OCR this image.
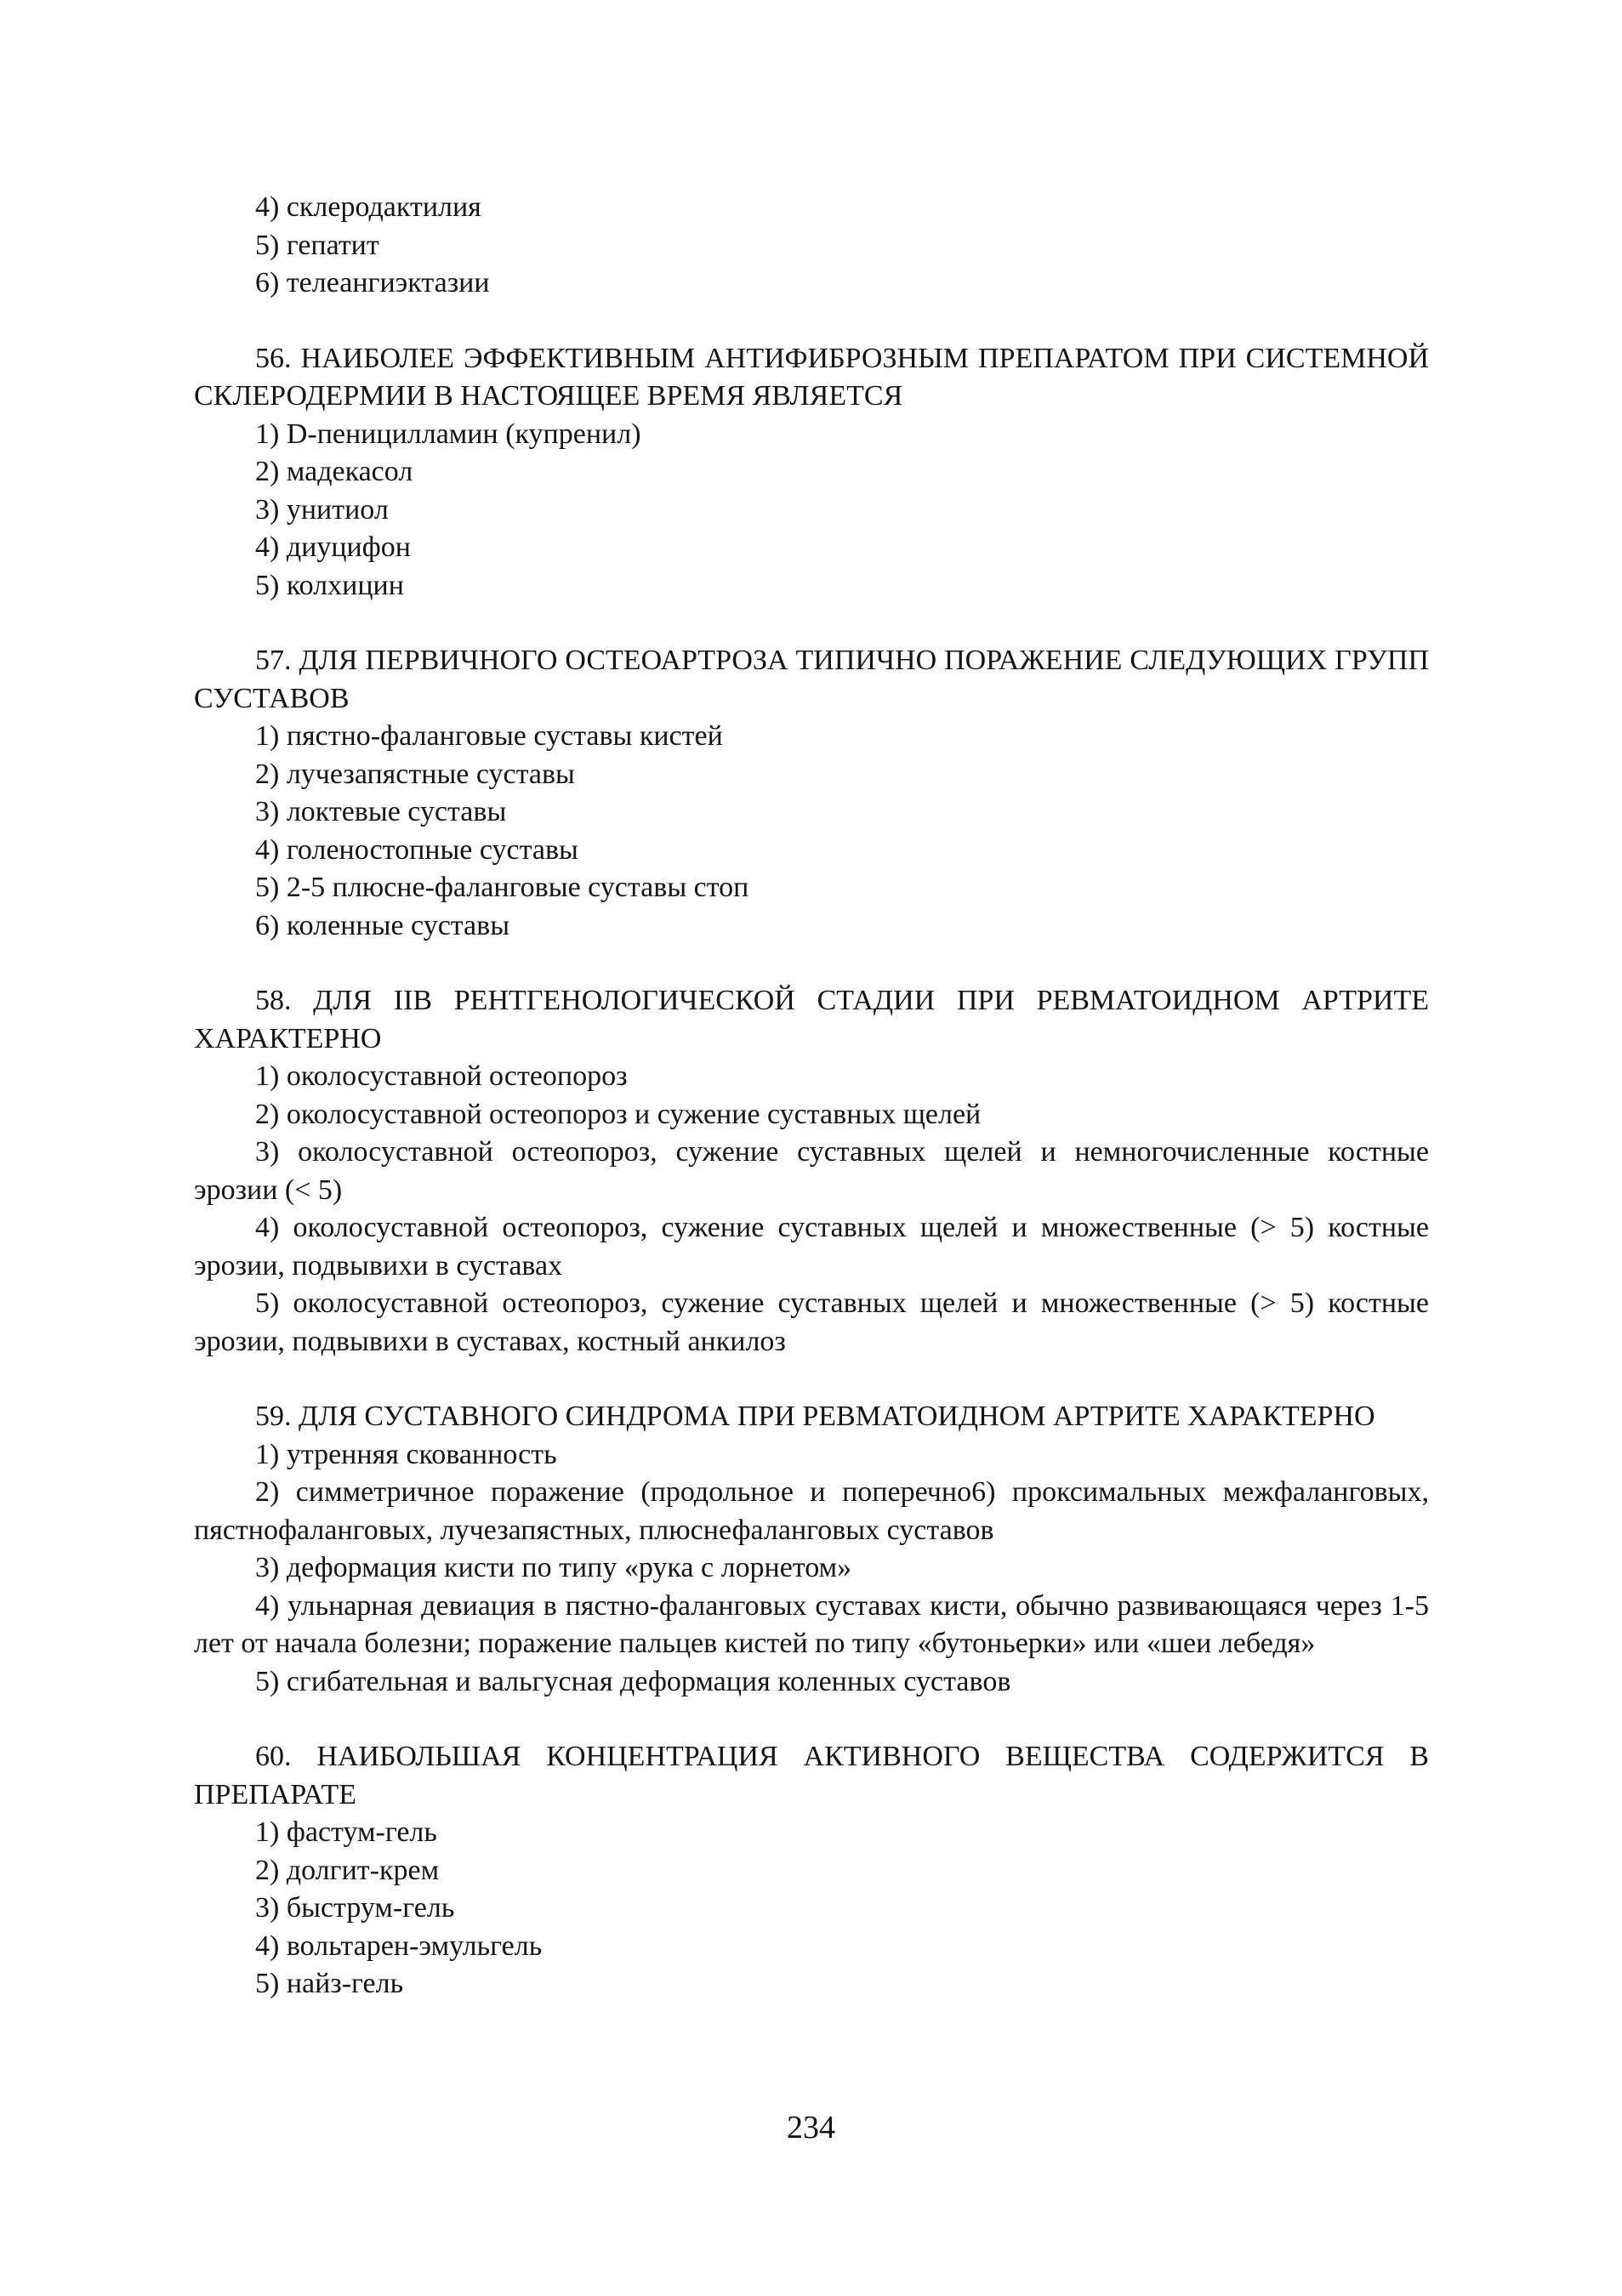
4) склеродактилия
5) гепатит
6) телеангиэктазии
56. НАИБОЛЕЕ ЭФФЕКТИВНЫМ АНТИФИБРОЗНЫМ ПРЕПАРАТОМ ПРИ СИСТЕМНОЙ СКЛЕРОДЕРМИИ В НАСТОЯЩЕЕ ВРЕМЯ ЯВЛЯЕТСЯ
1) D-пеницилламин (купренил)
2) мадекасол
3) унитиол
4) диуцифон
5) колхицин
57. ДЛЯ ПЕРВИЧНОГО ОСТЕОАРТРОЗА ТИПИЧНО ПОРАЖЕНИЕ СЛЕДУЮЩИХ ГРУПП СУСТАВОВ
1) пястно-фаланговые суставы кистей
2) лучезапястные суставы
3) локтевые суставы
4) голеностопные суставы
5) 2-5 плюсне-фаланговые суставы стоп
6) коленные суставы
58. ДЛЯ IIB РЕНТГЕНОЛОГИЧЕСКОЙ СТАДИИ ПРИ РЕВМАТОИДНОМ АРТРИТЕ ХАРАКТЕРНО
1) околосуставной остеопороз
2) околосуставной остеопороз и сужение суставных щелей
3) околосуставной остеопороз, сужение суставных щелей и немногочисленные костные эрозии (< 5)
4) околосуставной остеопороз, сужение суставных щелей и множественные (> 5) костные эрозии, подвывихи в суставах
5) околосуставной остеопороз, сужение суставных щелей и множественные (> 5) костные эрозии, подвывихи в суставах, костный анкилоз
59. ДЛЯ СУСТАВНОГО СИНДРОМА ПРИ РЕВМАТОИДНОМ АРТРИТЕ ХАРАКТЕРНО
1) утренняя скованность
2) симметричное поражение (продольное и поперечно6) проксимальных межфаланговых, пястнофаланговых, лучезапястных, плюснефаланговых суставов
3) деформация кисти по типу «рука с лорнетом»
4) ульнарная девиация в пястно-фаланговых суставах кисти, обычно развивающаяся через 1-5 лет от начала болезни; поражение пальцев кистей по типу «бутоньерки» или «шеи лебедя»
5) сгибательная и вальгусная деформация коленных суставов
60. НАИБОЛЬШАЯ КОНЦЕНТРАЦИЯ АКТИВНОГО ВЕЩЕСТВА СОДЕРЖИТСЯ В ПРЕПАРАТЕ
1) фастум-гель
2) долгит-крем
3) быструм-гель
4) вольтарен-эмульгель
5) найз-гель
234
